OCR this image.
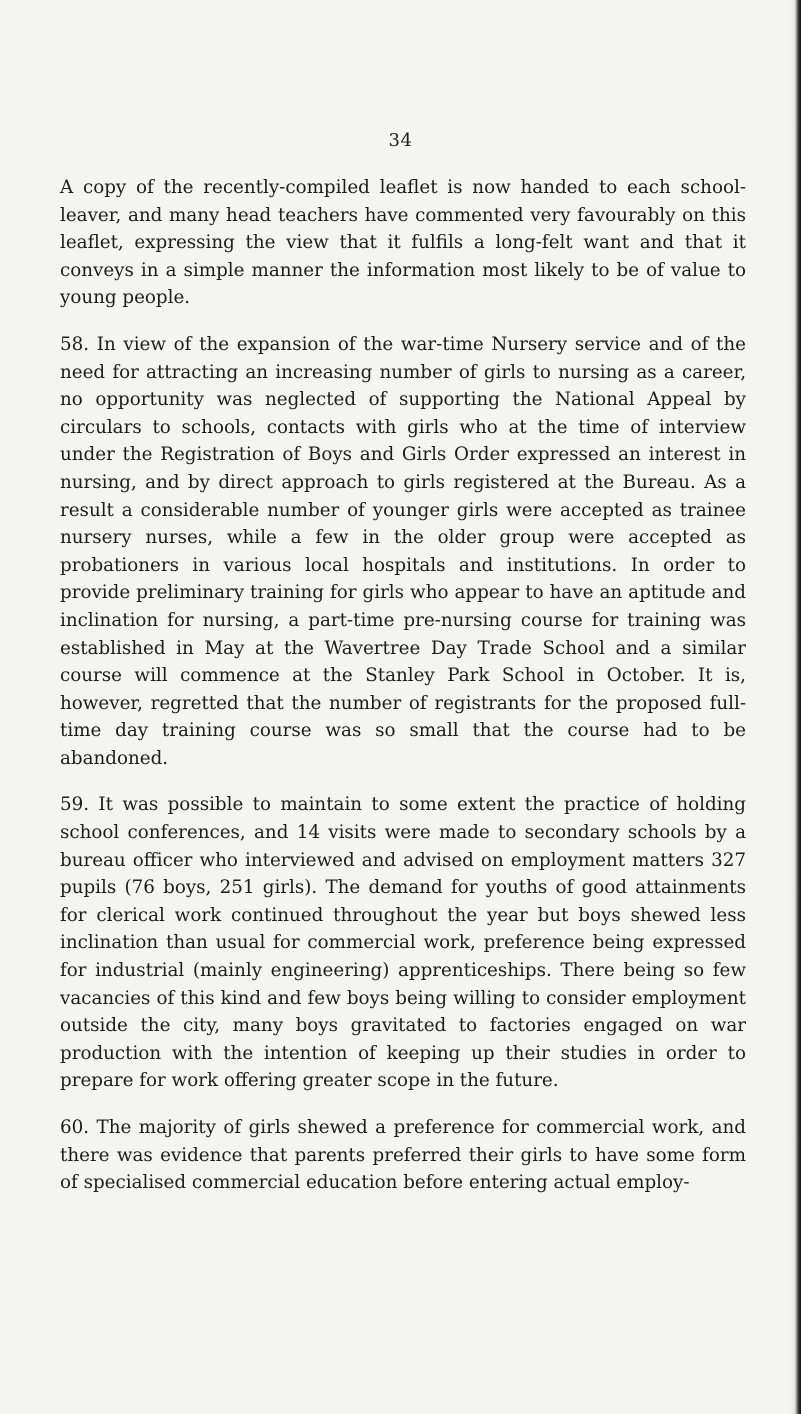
34

A copy of the recently-compiled leaflet is now handed to each school-leaver, and many head teachers have commented very favourably on this leaflet, expressing the view that it fulfils a long-felt want and that it conveys in a simple manner the information most likely to be of value to young people.

58. In view of the expansion of the war-time Nursery service and of the need for attracting an increasing number of girls to nursing as a career, no opportunity was neglected of supporting the National Appeal by circulars to schools, contacts with girls who at the time of interview under the Registration of Boys and Girls Order expressed an interest in nursing, and by direct approach to girls registered at the Bureau. As a result a considerable number of younger girls were accepted as trainee nursery nurses, while a few in the older group were accepted as probationers in various local hospitals and institutions. In order to provide preliminary training for girls who appear to have an aptitude and inclination for nursing, a part-time pre-nursing course for training was established in May at the Wavertree Day Trade School and a similar course will commence at the Stanley Park School in October. It is, however, regretted that the number of registrants for the proposed full-time day training course was so small that the course had to be abandoned.

59. It was possible to maintain to some extent the practice of holding school conferences, and 14 visits were made to secondary schools by a bureau officer who interviewed and advised on employment matters 327 pupils (76 boys, 251 girls). The demand for youths of good attainments for clerical work continued throughout the year but boys shewed less inclination than usual for commercial work, preference being expressed for industrial (mainly engineering) apprenticeships. There being so few vacancies of this kind and few boys being willing to consider employment outside the city, many boys gravitated to factories engaged on war production with the intention of keeping up their studies in order to prepare for work offering greater scope in the future.

60. The majority of girls shewed a preference for commercial work, and there was evidence that parents preferred their girls to have some form of specialised commercial education before entering actual employ-
